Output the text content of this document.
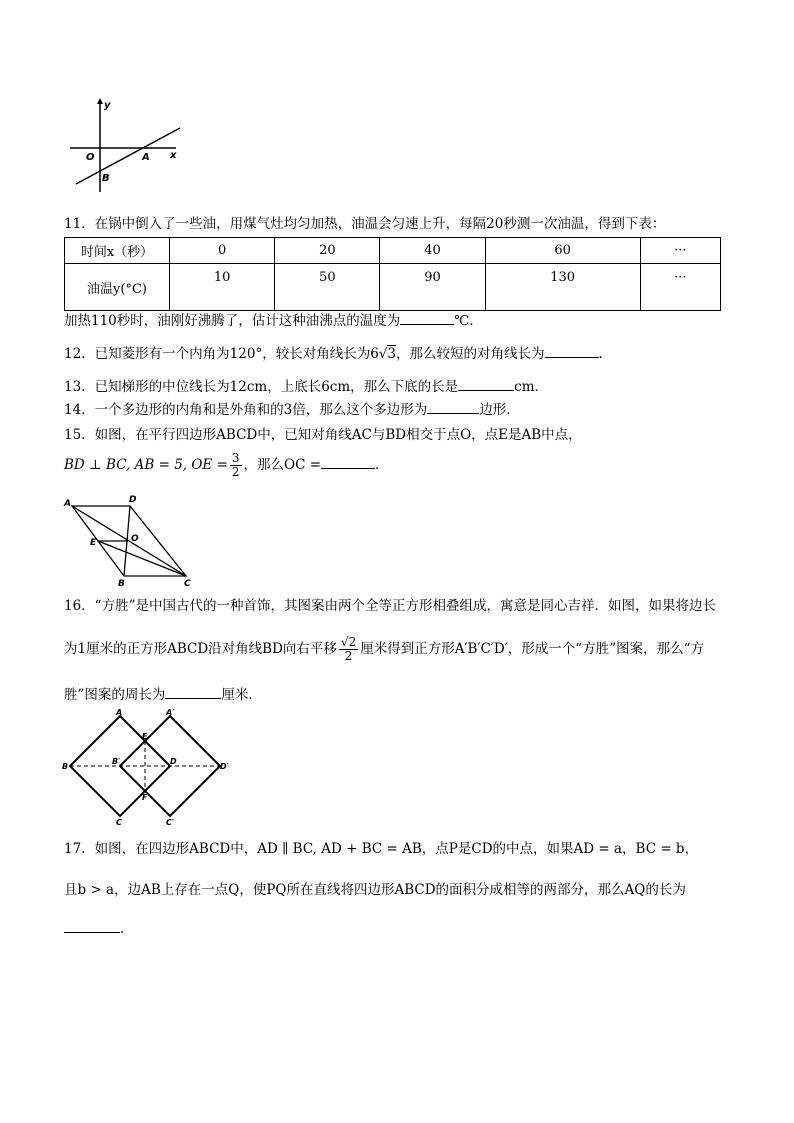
y
O	A x
B
11．在锅中倒入了一些油，用煤气灶均匀加热，油温会匀速上升，每隔20秒测一次油温，得到下表：
时间x（秒）	0	20	40	60	···
油温y(°C)	10	50	90	130	···
加热110秒时，油刚好沸腾了，估计这种油沸点的温度为	℃．
12．已知菱形有一个内角为120°，较长对角线长为6√3，那么较短的对角线长为	．
13．已知梯形的中位线长为12cm，上底长6cm，那么下底的长是	cm．
14．一个多边形的内角和是外角和的3倍，那么这个多边形为	边形．
15．如图，在平行四边形ABCD中，已知对角线AC与BD相交于点O，点E是AB中点，
BD ⊥ BC, AB = 5, OE = $\frac{3}{2}$ ，那么OC =	．
A	D
E	O
B	C
16．“方胜”是中国古代的一种首饰，其图案由两个全等正方形相叠组成，寓意是同心吉祥．如图，如果将边长
为1厘米的正方形ABCD沿对角线BD向右平移 $\frac{√2}{2}$ 厘米得到正方形A′B′C′D′，形成一个“方胜”图案，那么“方
胜”图案的周长为	厘米．
A	A′
E
B
B′	D
D′
F
C	C′
17．如图，在四边形ABCD中，AD ∥ BC, AD + BC = AB，点P是CD的中点，如果AD = a，BC = b，
且b > a，边AB上存在一点Q，使PQ所在直线将四边形ABCD的面积分成相等的两部分，那么AQ的长为
．
